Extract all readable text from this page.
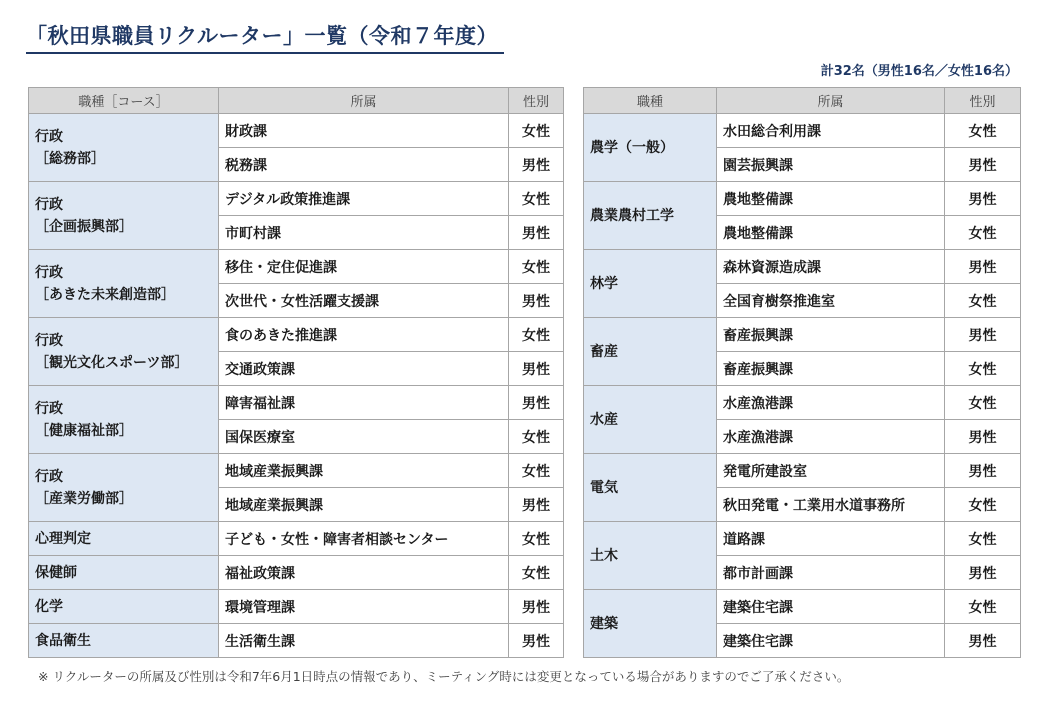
「秋田県職員リクルーター」一覧（令和７年度）
計32名（男性16名／女性16名）
職種［コース］	所属	性別

行政
［総務部］	財政課	女性
	税務課	男性

行政
［企画振興部］	デジタル政策推進課	女性
	市町村課	男性

行政
［あきた未来創造部］	移住・定住促進課	女性
	次世代・女性活躍支援課	男性

行政
［観光文化スポーツ部］	食のあきた推進課	女性
	交通政策課	男性

行政
［健康福祉部］	障害福祉課	男性
	国保医療室	女性

行政
［産業労働部］	地域産業振興課	女性
	地域産業振興課	男性

心理判定	子ども・女性・障害者相談センター	女性

保健師	福祉政策課	女性

化学	環境管理課	男性

食品衛生	生活衛生課	男性
職種	所属	性別

農学（一般）	水田総合利用課	女性
	園芸振興課	男性

農業農村工学	農地整備課	男性
	農地整備課	女性

林学	森林資源造成課	男性
	全国育樹祭推進室	女性

畜産	畜産振興課	男性
	畜産振興課	女性

水産	水産漁港課	女性
	水産漁港課	男性

電気	発電所建設室	男性
	秋田発電・工業用水道事務所	女性

土木	道路課	女性
	都市計画課	男性

建築	建築住宅課	女性
	建築住宅課	男性
※ リクルーターの所属及び性別は令和7年6月1日時点の情報であり、ミーティング時には変更となっている場合がありますのでご了承ください。
